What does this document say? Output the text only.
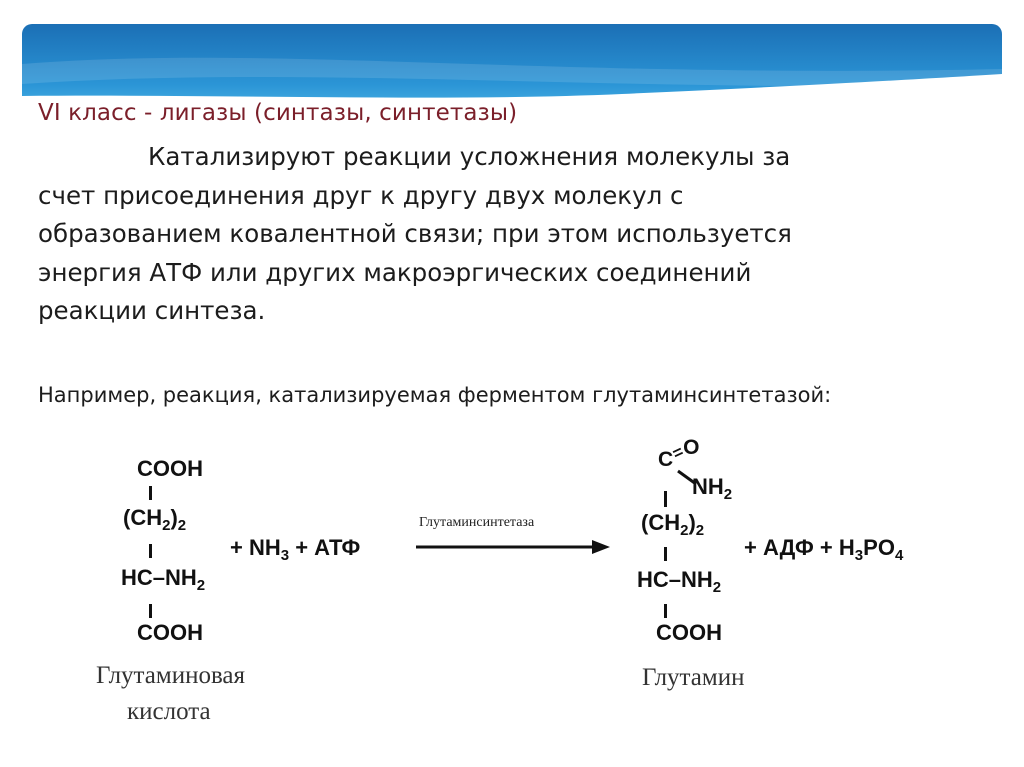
VI класс - лигазы (синтазы, синтетазы)
Катализируют реакции усложнения молекулы за
счет присоединения друг к другу двух молекул с
образованием ковалентной связи; при этом используется
энергия АТФ или других макроэргических соединений
реакции синтеза.
Например, реакция, катализируемая ферментом глутаминсинтетазой:
COOH
$(CH_2)_2$
$HC-NH_2$
COOH
Глутаминовая
кислота
+ $NH_3$ + АТФ
Глутаминсинтетаза
C=O
$NH_2$
$(CH_2)_2$
$HC-NH_2$
COOH
Глутамин
+ АДФ + $H_3PO_4$
